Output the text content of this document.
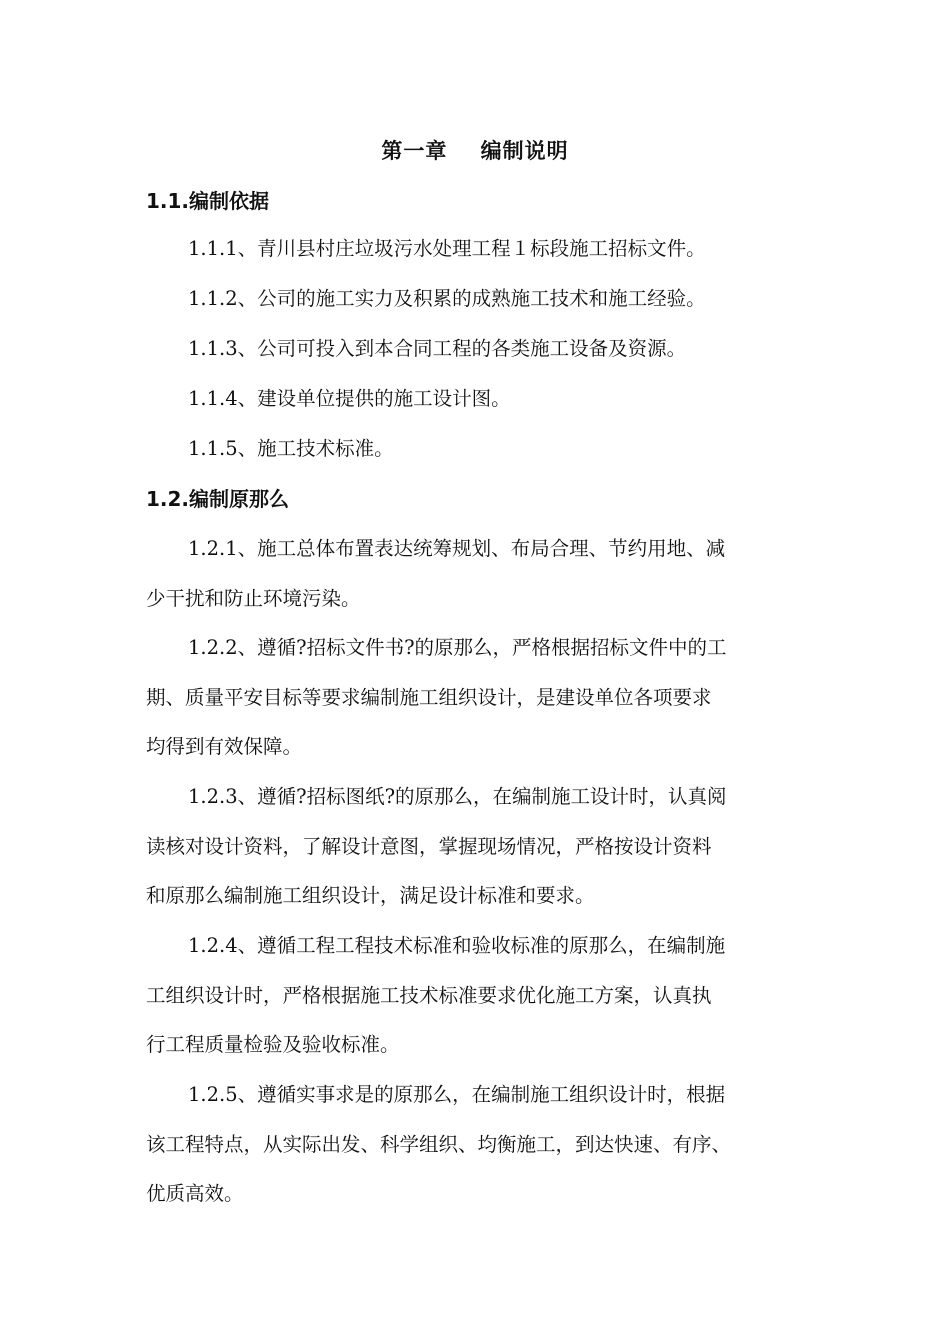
第一章    编制说明
1.1.编制依据

1.1.1、青川县村庄垃圾污水处理工程１标段施工招标文件。

1.1.2、公司的施工实力及积累的成熟施工技术和施工经验。

1.1.3、公司可投入到本合同工程的各类施工设备及资源。

1.1.4、建设单位提供的施工设计图。

1.1.5、施工技术标准。

1.2.编制原那么

1.2.1、施工总体布置表达统筹规划、布局合理、节约用地、减
少干扰和防止环境污染。

1.2.2、遵循?招标文件书?的原那么，严格根据招标文件中的工
期、质量平安目标等要求编制施工组织设计，是建设单位各项要求
均得到有效保障。

1.2.3、遵循?招标图纸?的原那么，在编制施工设计时，认真阅
读核对设计资料，了解设计意图，掌握现场情况，严格按设计资料
和原那么编制施工组织设计，满足设计标准和要求。

1.2.4、遵循工程工程技术标准和验收标准的原那么，在编制施
工组织设计时，严格根据施工技术标准要求优化施工方案，认真执
行工程质量检验及验收标准。

1.2.5、遵循实事求是的原那么，在编制施工组织设计时，根据
该工程特点，从实际出发、科学组织、均衡施工，到达快速、有序、
优质高效。
